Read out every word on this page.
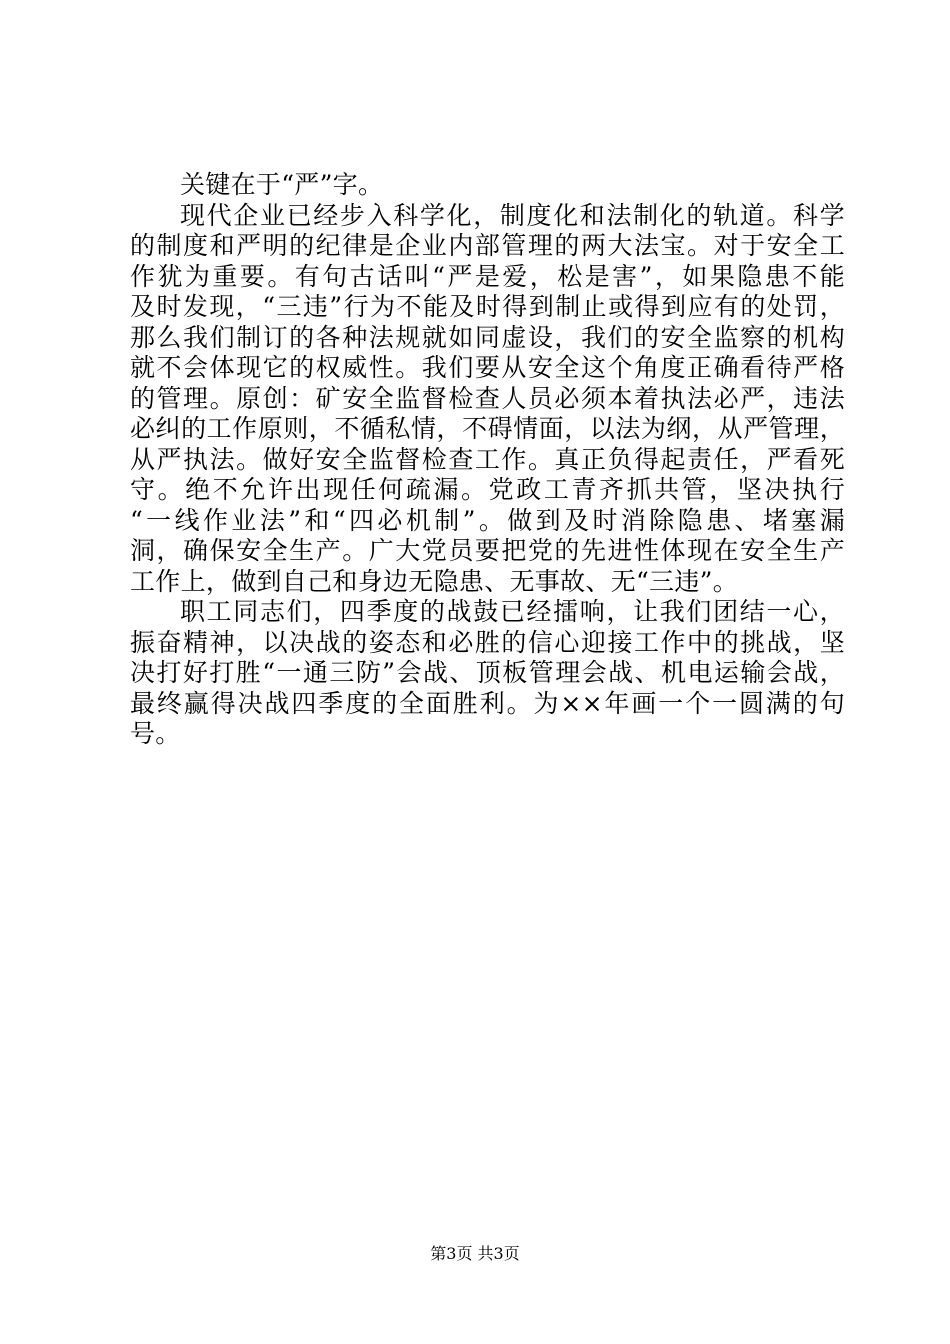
关键在于“严”字。
现代企业已经步入科学化，制度化和法制化的轨道。科学
的制度和严明的纪律是企业内部管理的两大法宝。对于安全工
作犹为重要。有句古话叫“严是爱，松是害”，如果隐患不能
及时发现，“三违”行为不能及时得到制止或得到应有的处罚，
那么我们制订的各种法规就如同虚设，我们的安全监察的机构
就不会体现它的权威性。我们要从安全这个角度正确看待严格
的管理。原创：矿安全监督检查人员必须本着执法必严，违法
必纠的工作原则，不循私情，不碍情面，以法为纲，从严管理，
从严执法。做好安全监督检查工作。真正负得起责任，严看死
守。绝不允许出现任何疏漏。党政工青齐抓共管，坚决执行
“一线作业法”和“四必机制”。做到及时消除隐患、堵塞漏
洞，确保安全生产。广大党员要把党的先进性体现在安全生产
工作上，做到自己和身边无隐患、无事故、无“三违”。
职工同志们，四季度的战鼓已经擂响，让我们团结一心，
振奋精神，以决战的姿态和必胜的信心迎接工作中的挑战，坚
决打好打胜“一通三防”会战、顶板管理会战、机电运输会战，
最终赢得决战四季度的全面胜利。为××年画一个一圆满的句
号。
第3页 共3页
